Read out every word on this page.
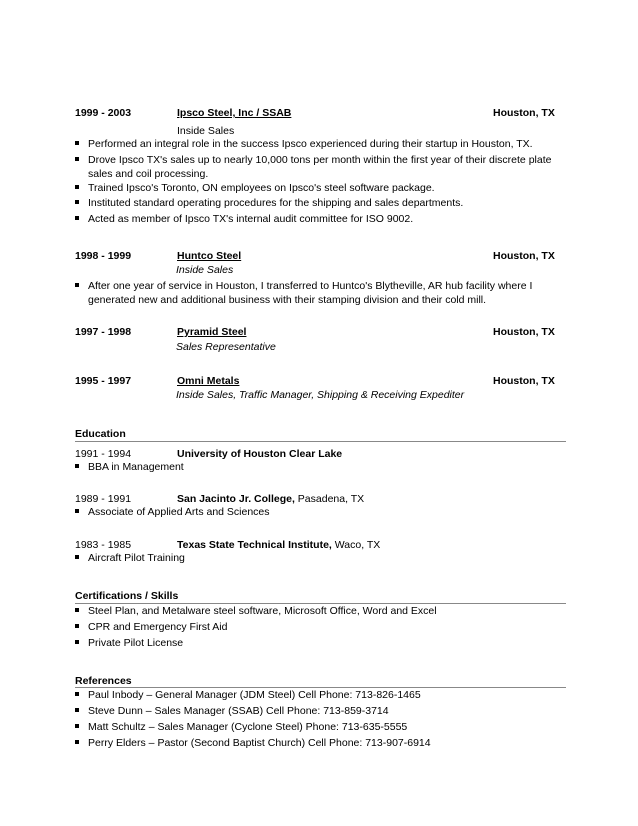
1999 - 2003	Ipsco Steel, Inc / SSAB	Houston, TX
Inside Sales
Performed an integral role in the success Ipsco experienced during their startup in Houston, TX.
Drove Ipsco TX's sales up to nearly 10,000 tons per month within the first year of their discrete plate sales and coil processing.
Trained Ipsco's Toronto, ON employees on Ipsco's steel software package.
Instituted standard operating procedures for the shipping and sales departments.
Acted as member of Ipsco TX's internal audit committee for ISO 9002.
1998 - 1999	Huntco Steel	Houston, TX
Inside Sales
After one year of service in Houston, I transferred to Huntco's Blytheville, AR hub facility where I generated new and additional business with their stamping division and their cold mill.
1997 - 1998	Pyramid Steel	Houston, TX
Sales Representative
1995 - 1997	Omni Metals	Houston, TX
Inside Sales, Traffic Manager, Shipping & Receiving Expediter
Education
1991 - 1994	University of Houston Clear Lake
BBA in Management
1989 - 1991	San Jacinto Jr. College, Pasadena, TX
Associate of Applied Arts and Sciences
1983 - 1985	Texas State Technical Institute, Waco, TX
Aircraft Pilot Training
Certifications / Skills
Steel Plan, and Metalware steel software, Microsoft Office, Word and Excel
CPR and Emergency First Aid
Private Pilot License
References
Paul Inbody – General Manager (JDM Steel) Cell Phone: 713-826-1465
Steve Dunn – Sales Manager (SSAB) Cell Phone: 713-859-3714
Matt Schultz – Sales Manager (Cyclone Steel) Phone: 713-635-5555
Perry Elders – Pastor (Second Baptist Church) Cell Phone: 713-907-6914
